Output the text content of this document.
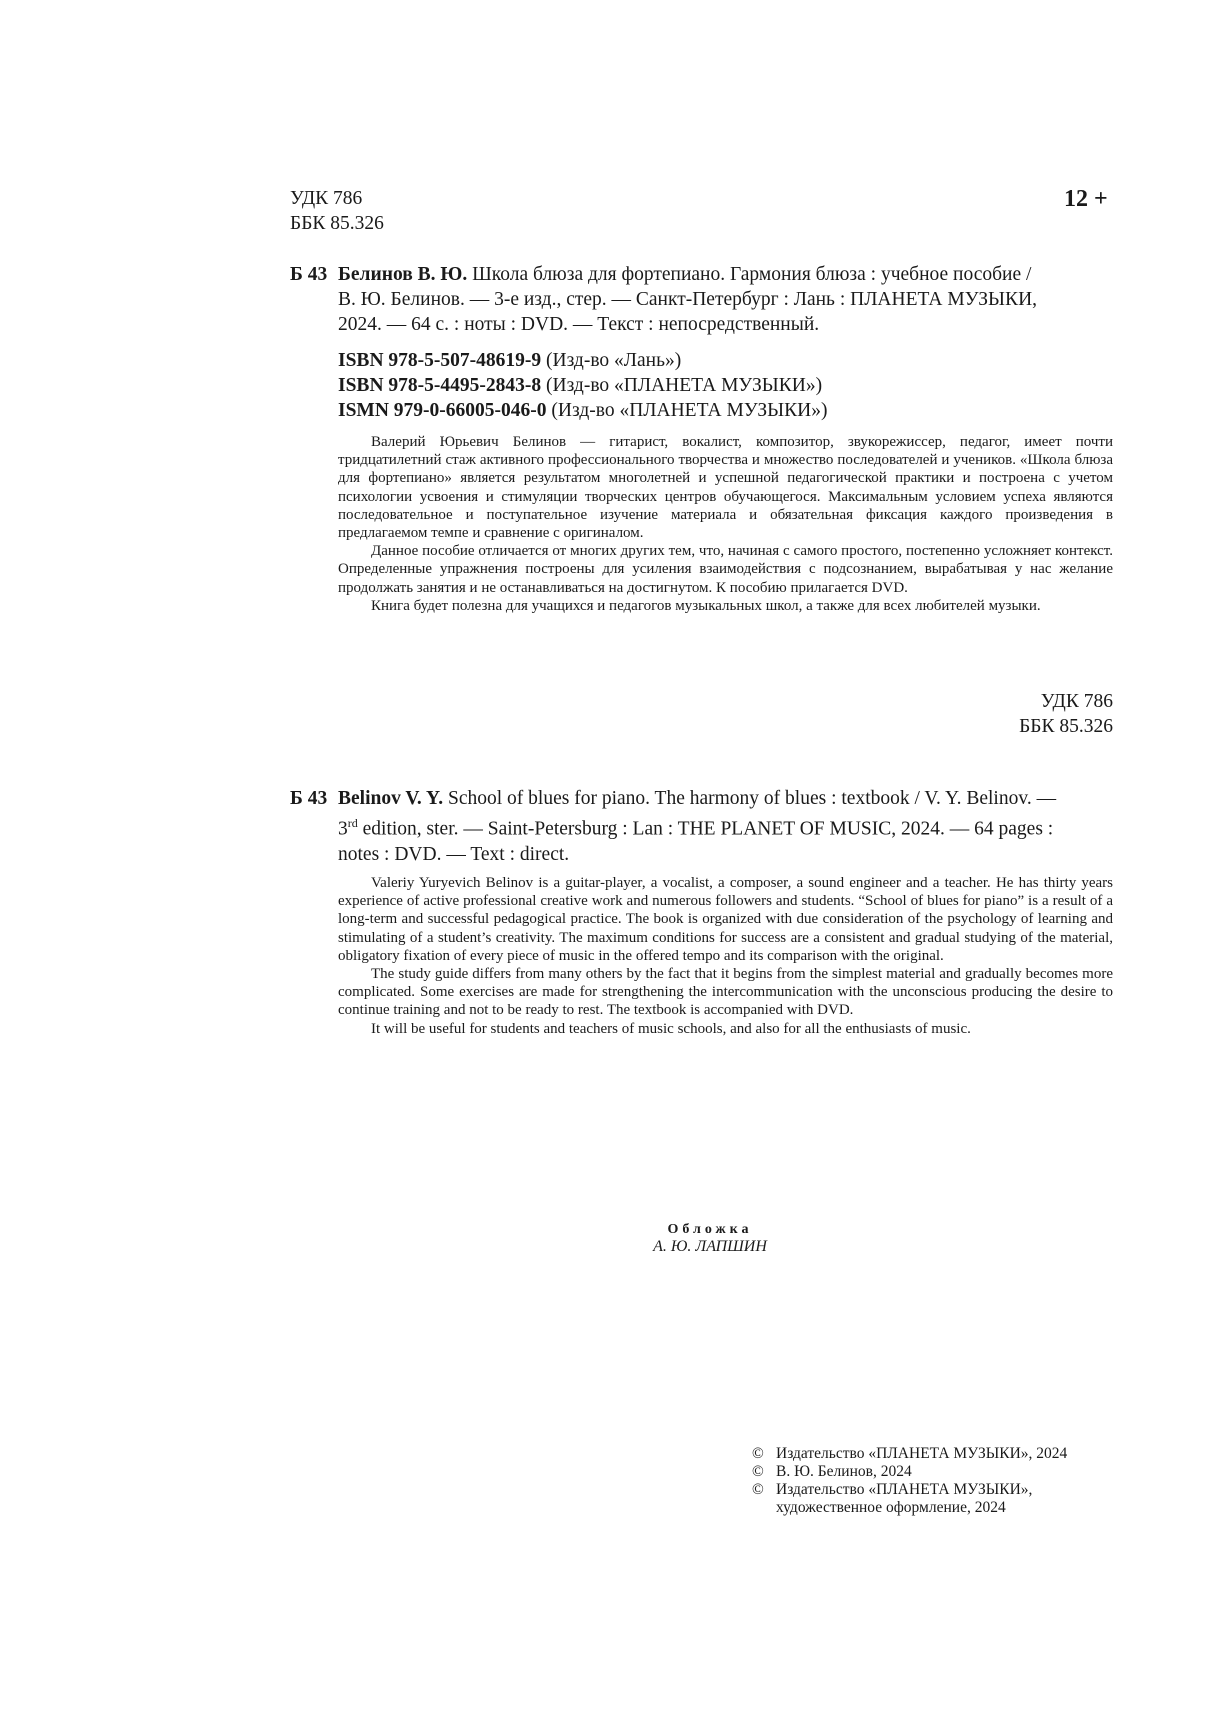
УДК 786
ББК 85.326
12 +
Б 43 Белинов В. Ю. Школа блюза для фортепиано. Гармония блюза : учебное пособие /
В. Ю. Белинов. — 3-е изд., стер. — Санкт-Петербург : Лань : ПЛАНЕТА МУЗЫКИ,
2024. — 64 с. : ноты : DVD. — Текст : непосредственный.

ISBN 978-5-507-48619-9 (Изд-во «Лань»)

ISBN 978-5-4495-2843-8 (Изд-во «ПЛАНЕТА МУЗЫКИ»)

ISMN 979-0-66005-046-0 (Изд-во «ПЛАНЕТА МУЗЫКИ»)

Валерий Юрьевич Белинов — гитарист, вокалист, композитор, звукорежиссер, педагог, имеет почти тридцатилетний стаж активного профессионального творчества и множество последователей и учеников. «Школа блюза для фортепиано» является результатом многолетней и успешной педагогической практики и построена с учетом психологии усвоения и стимуляции творческих центров обучающегося. Максимальным условием успеха являются последовательное и поступательное изучение материала и обязательная фиксация каждого произведения в предлагаемом темпе и сравнение с оригиналом.

Данное пособие отличается от многих других тем, что, начиная с самого простого, постепенно усложняет контекст. Определенные упражнения построены для усиления взаимодействия с подсознанием, вырабатывая у нас желание продолжать занятия и не останавливаться на достигнутом. К пособию прилагается DVD.

Книга будет полезна для учащихся и педагогов музыкальных школ, а также для всех любителей музыки.

УДК 786
ББК 85.326
Б 43 Belinov V. Y. School of blues for piano. The harmony of blues : textbook / V. Y. Belinov. —
3rd edition, ster. — Saint-Petersburg : Lan : THE PLANET OF MUSIC, 2024. — 64 pages :
notes : DVD. — Text : direct.

Valeriy Yuryevich Belinov is a guitar-player, a vocalist, a composer, a sound engineer and a teacher. He has thirty years experience of active professional creative work and numerous followers and students. “School of blues for piano” is a result of a long-term and successful pedagogical practice. The book is organized with due consideration of the psychology of learning and stimulating of a student’s creativity. The maximum conditions for success are a consistent and gradual studying of the material, obligatory fixation of every piece of music in the offered tempo and its comparison with the original.

The study guide differs from many others by the fact that it begins from the simplest material and gradually becomes more complicated. Some exercises are made for strengthening the intercommunication with the unconscious producing the desire to continue training and not to be ready to rest. The textbook is accompanied with DVD.

It will be useful for students and teachers of music schools, and also for all the enthusiasts of music.

Обложка
А. Ю. ЛАПШИН
© Издательство «ПЛАНЕТА МУЗЫКИ», 2024
© В. Ю. Белинов, 2024
© Издательство «ПЛАНЕТА МУЗЫКИ»,
художественное оформление, 2024
